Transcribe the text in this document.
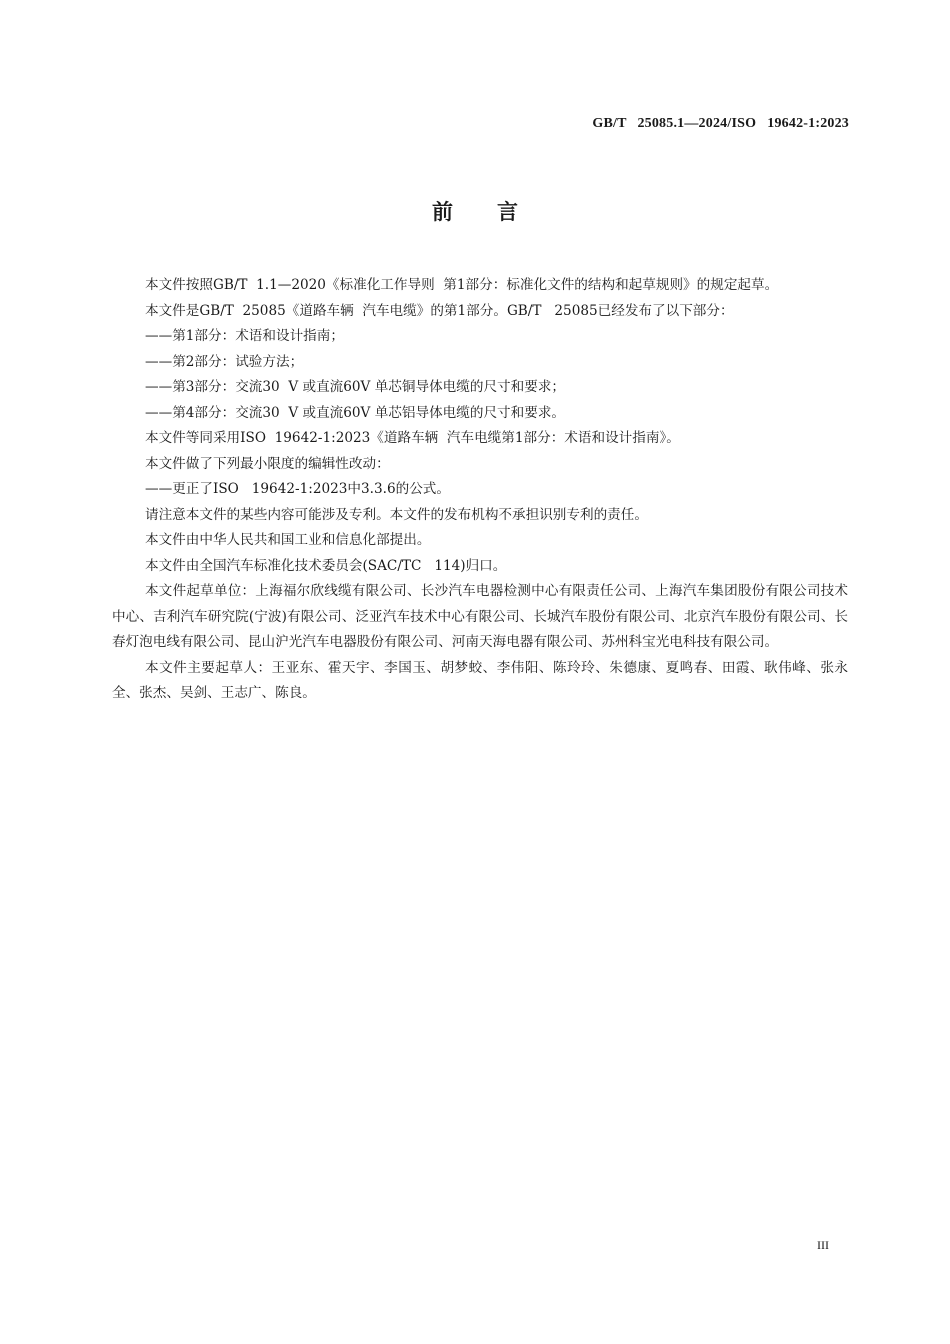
GB/T   25085.1—2024/ISO   19642-1:2023
前言

本文件按照GB/T  1.1—2020《标准化工作导则  第1部分：标准化文件的结构和起草规则》的规定起草。

本文件是GB/T  25085《道路车辆  汽车电缆》的第1部分。GB/T   25085已经发布了以下部分：

——第1部分：术语和设计指南；

——第2部分：试验方法；

——第3部分：交流30  V 或直流60V 单芯铜导体电缆的尺寸和要求；

——第4部分：交流30  V 或直流60V 单芯铝导体电缆的尺寸和要求。

本文件等同采用ISO  19642-1:2023《道路车辆  汽车电缆第1部分：术语和设计指南》。

本文件做了下列最小限度的编辑性改动：

——更正了ISO   19642-1:2023中3.3.6的公式。

请注意本文件的某些内容可能涉及专利。本文件的发布机构不承担识别专利的责任。

本文件由中华人民共和国工业和信息化部提出。

本文件由全国汽车标准化技术委员会(SAC/TC   114)归口。

本文件起草单位：上海福尔欣线缆有限公司、长沙汽车电器检测中心有限责任公司、上海汽车集团股份有限公司技术中心、吉利汽车研究院(宁波)有限公司、泛亚汽车技术中心有限公司、长城汽车股份有限公司、北京汽车股份有限公司、长春灯泡电线有限公司、昆山沪光汽车电器股份有限公司、河南天海电器有限公司、苏州科宝光电科技有限公司。

本文件主要起草人：王亚东、霍天宇、李国玉、胡梦蛟、李伟阳、陈玲玲、朱德康、夏鸣春、田霞、耿伟峰、张永全、张杰、吴剑、王志广、陈良。

III
